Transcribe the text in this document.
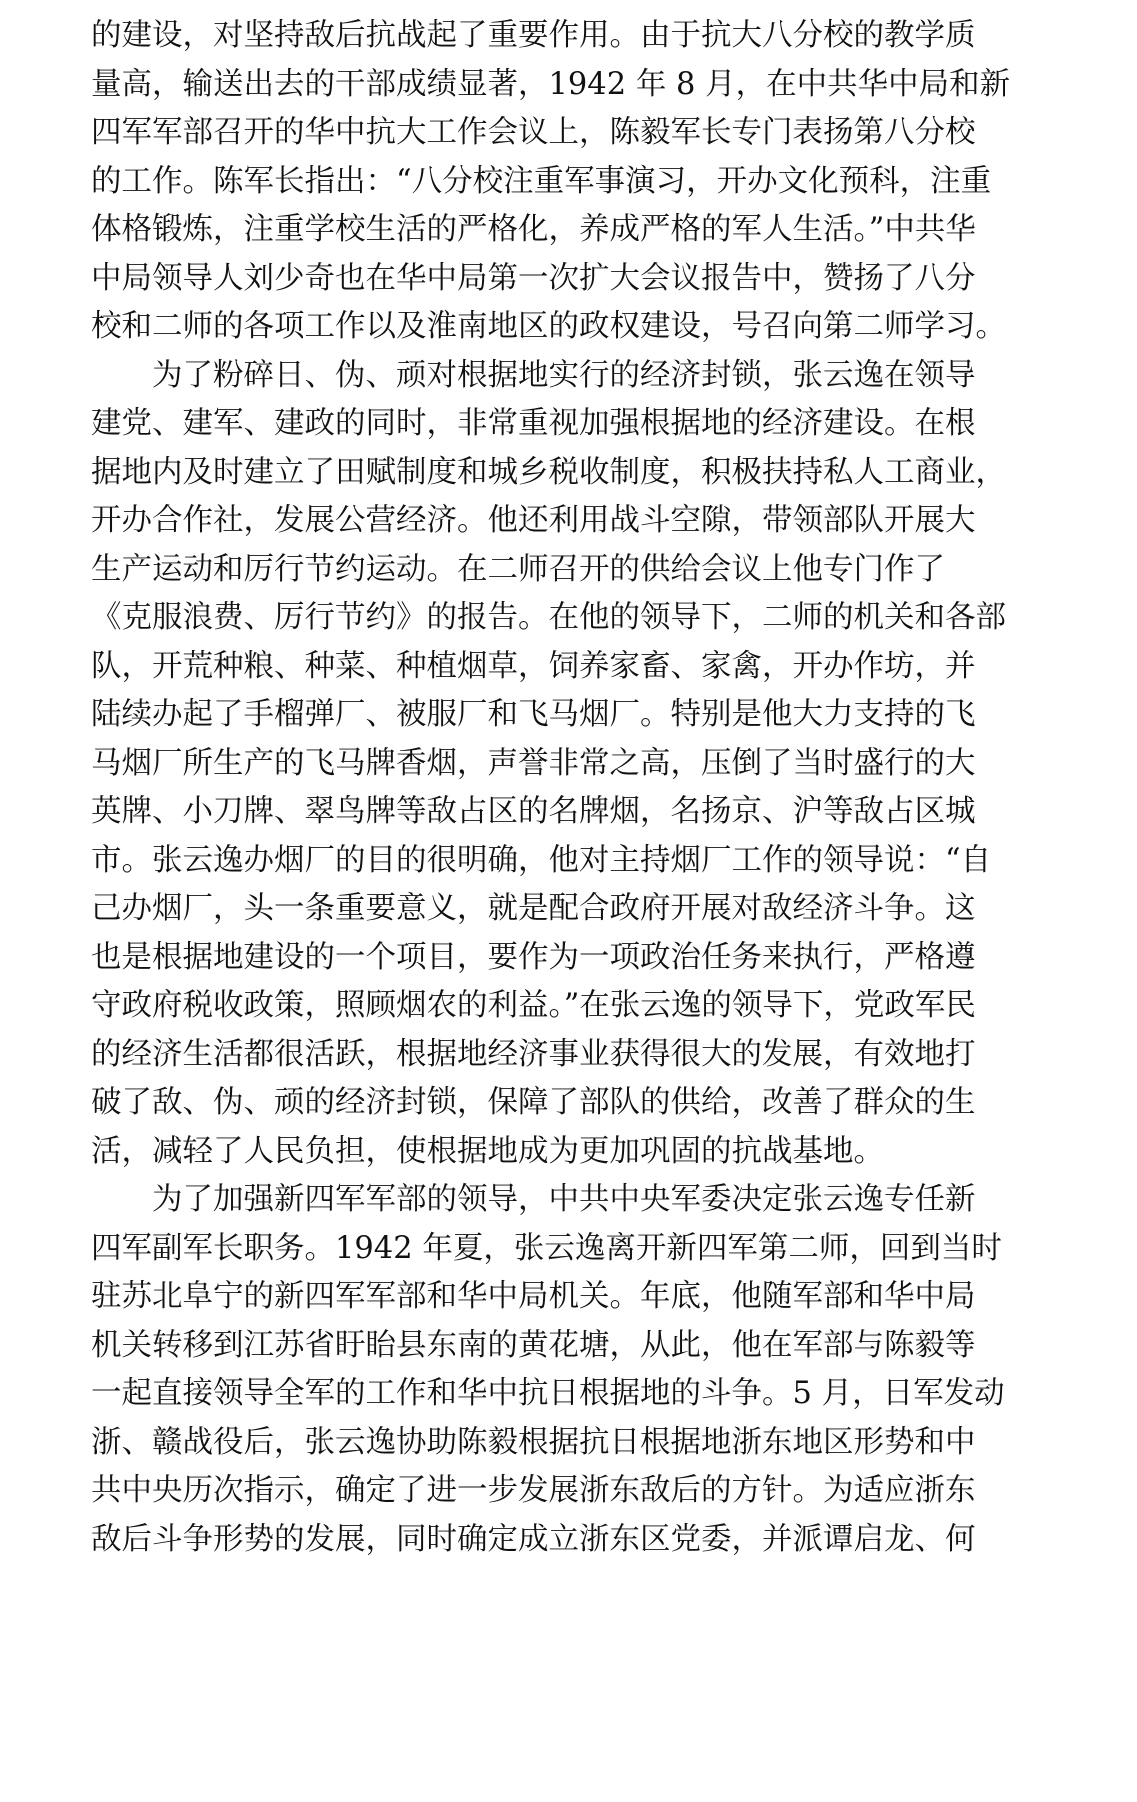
的建设，对坚持敌后抗战起了重要作用。由于抗大八分校的教学质

量高，输送出去的干部成绩显著，1942 年 8 月，在中共华中局和新

四军军部召开的华中抗大工作会议上，陈毅军长专门表扬第八分校

的工作。陈军长指出：“八分校注重军事演习，开办文化预科，注重

体格锻炼，注重学校生活的严格化，养成严格的军人生活。”中共华

中局领导人刘少奇也在华中局第一次扩大会议报告中，赞扬了八分

校和二师的各项工作以及淮南地区的政权建设，号召向第二师学习。

为了粉碎日、伪、顽对根据地实行的经济封锁，张云逸在领导

建党、建军、建政的同时，非常重视加强根据地的经济建设。在根

据地内及时建立了田赋制度和城乡税收制度，积极扶持私人工商业，

开办合作社，发展公营经济。他还利用战斗空隙，带领部队开展大

生产运动和厉行节约运动。在二师召开的供给会议上他专门作了

《克服浪费、厉行节约》的报告。在他的领导下，二师的机关和各部

队，开荒种粮、种菜、种植烟草，饲养家畜、家禽，开办作坊，并

陆续办起了手榴弹厂、被服厂和飞马烟厂。特别是他大力支持的飞

马烟厂所生产的飞马牌香烟，声誉非常之高，压倒了当时盛行的大

英牌、小刀牌、翠鸟牌等敌占区的名牌烟，名扬京、沪等敌占区城

市。张云逸办烟厂的目的很明确，他对主持烟厂工作的领导说：“自

己办烟厂，头一条重要意义，就是配合政府开展对敌经济斗争。这

也是根据地建设的一个项目，要作为一项政治任务来执行，严格遵

守政府税收政策，照顾烟农的利益。”在张云逸的领导下，党政军民

的经济生活都很活跃，根据地经济事业获得很大的发展，有效地打

破了敌、伪、顽的经济封锁，保障了部队的供给，改善了群众的生

活，减轻了人民负担，使根据地成为更加巩固的抗战基地。

为了加强新四军军部的领导，中共中央军委决定张云逸专任新

四军副军长职务。1942 年夏，张云逸离开新四军第二师，回到当时

驻苏北阜宁的新四军军部和华中局机关。年底，他随军部和华中局

机关转移到江苏省盱眙县东南的黄花塘，从此，他在军部与陈毅等

一起直接领导全军的工作和华中抗日根据地的斗争。5 月，日军发动

浙、赣战役后，张云逸协助陈毅根据抗日根据地浙东地区形势和中

共中央历次指示，确定了进一步发展浙东敌后的方针。为适应浙东

敌后斗争形势的发展，同时确定成立浙东区党委，并派谭启龙、何
